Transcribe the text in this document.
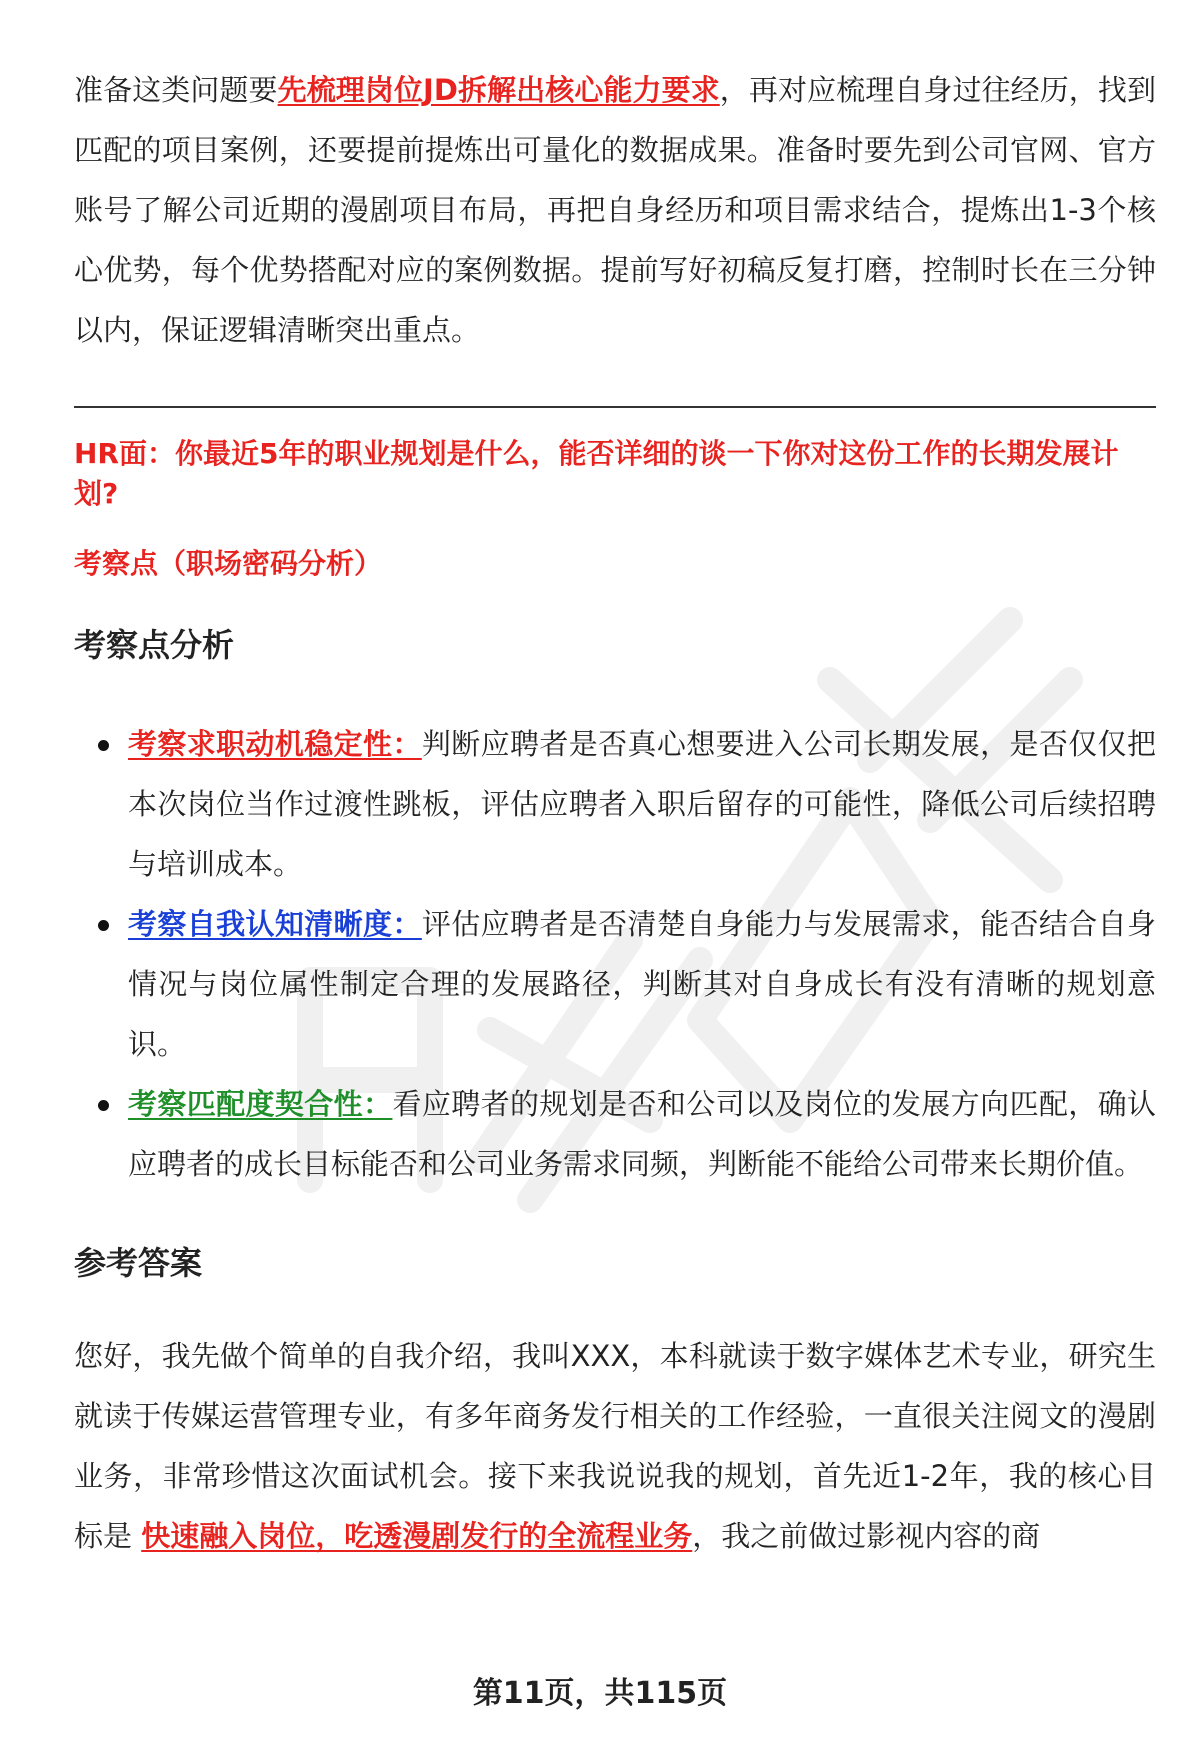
准备这类问题要先梳理岗位JD拆解出核心能力要求，再对应梳理自身过往经历，找到匹配的项目案例，还要提前提炼出可量化的数据成果。准备时要先到公司官网、官方账号了解公司近期的漫剧项目布局，再把自身经历和项目需求结合，提炼出1-3个核心优势，每个优势搭配对应的案例数据。提前写好初稿反复打磨，控制时长在三分钟以内，保证逻辑清晰突出重点。

HR面：你最近5年的职业规划是什么，能否详细的谈一下你对这份工作的长期发展计划?

考察点（职场密码分析）

考察点分析

考察求职动机稳定性：判断应聘者是否真心想要进入公司长期发展，是否仅仅把本次岗位当作过渡性跳板，评估应聘者入职后留存的可能性，降低公司后续招聘与培训成本。
考察自我认知清晰度：评估应聘者是否清楚自身能力与发展需求，能否结合自身情况与岗位属性制定合理的发展路径，判断其对自身成长有没有清晰的规划意识。
考察匹配度契合性：看应聘者的规划是否和公司以及岗位的发展方向匹配，确认应聘者的成长目标能否和公司业务需求同频，判断能不能给公司带来长期价值。

参考答案

您好，我先做个简单的自我介绍，我叫XXX，本科就读于数字媒体艺术专业，研究生就读于传媒运营管理专业，有多年商务发行相关的工作经验，一直很关注阅文的漫剧业务，非常珍惜这次面试机会。接下来我说说我的规划，首先近1-2年，我的核心目标是 快速融入岗位，吃透漫剧发行的全流程业务，我之前做过影视内容的商

第11页，共115页
